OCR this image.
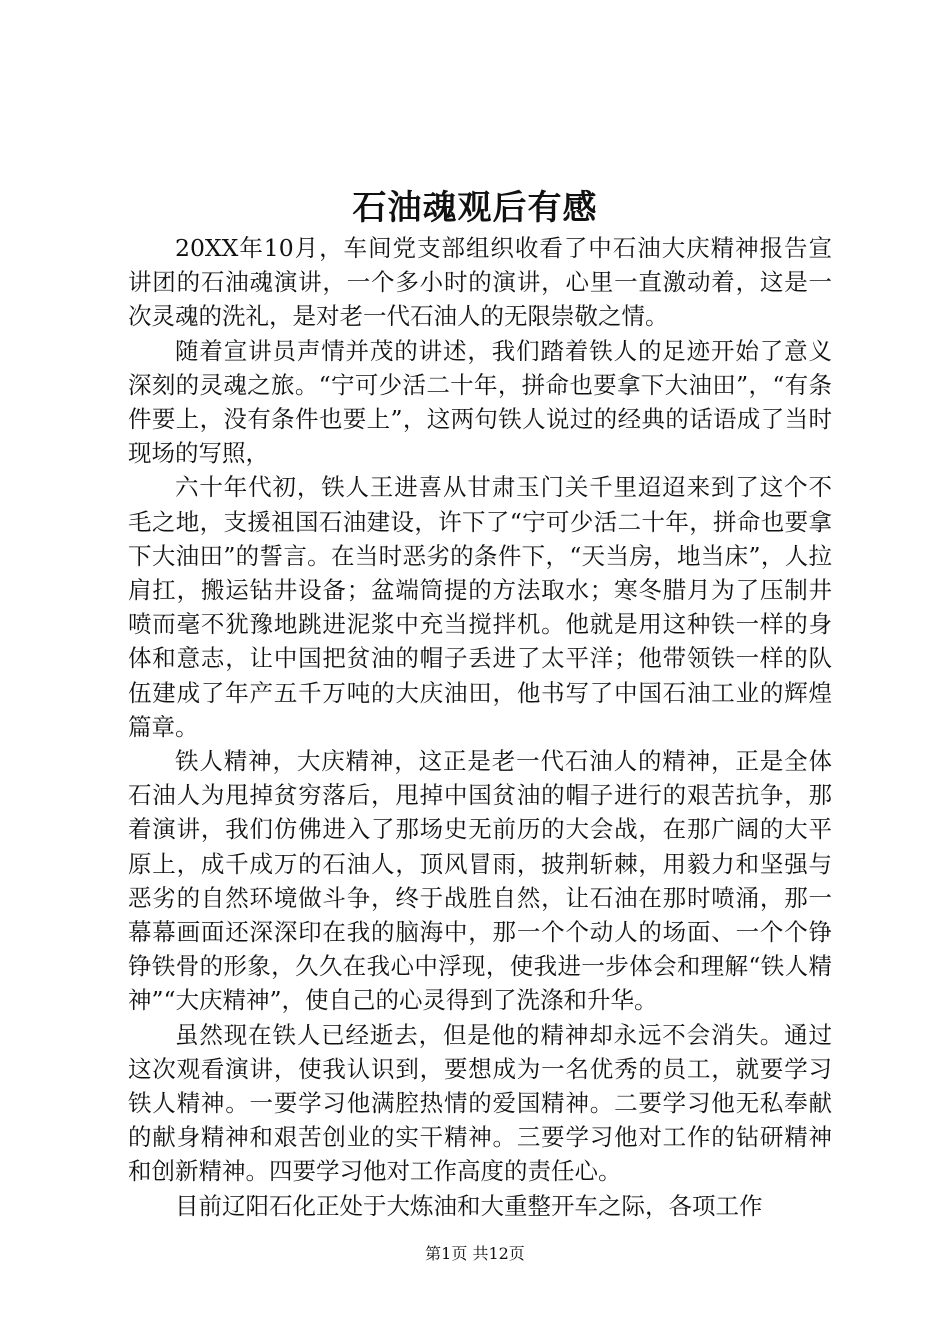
石油魂观后有感

20XX年10月，车间党支部组织收看了中石油大庆精神报告宣讲团的石油魂演讲，一个多小时的演讲，心里一直激动着，这是一次灵魂的洗礼，是对老一代石油人的无限崇敬之情。

随着宣讲员声情并茂的讲述，我们踏着铁人的足迹开始了意义深刻的灵魂之旅。“宁可少活二十年，拼命也要拿下大油田”，“有条件要上，没有条件也要上”，这两句铁人说过的经典的话语成了当时现场的写照，

六十年代初，铁人王进喜从甘肃玉门关千里迢迢来到了这个不毛之地，支援祖国石油建设，许下了“宁可少活二十年，拼命也要拿下大油田”的誓言。在当时恶劣的条件下，“天当房，地当床”，人拉肩扛，搬运钻井设备；盆端筒提的方法取水；寒冬腊月为了压制井喷而毫不犹豫地跳进泥浆中充当搅拌机。他就是用这种铁一样的身体和意志，让中国把贫油的帽子丢进了太平洋；他带领铁一样的队伍建成了年产五千万吨的大庆油田，他书写了中国石油工业的辉煌篇章。

铁人精神，大庆精神，这正是老一代石油人的精神，正是全体石油人为甩掉贫穷落后，甩掉中国贫油的帽子进行的艰苦抗争，那着演讲，我们仿佛进入了那场史无前历的大会战，在那广阔的大平原上，成千成万的石油人，顶风冒雨，披荆斩棘，用毅力和坚强与恶劣的自然环境做斗争，终于战胜自然，让石油在那时喷涌，那一幕幕画面还深深印在我的脑海中，那一个个动人的场面、一个个铮铮铁骨的形象，久久在我心中浮现，使我进一步体会和理解“铁人精神”“大庆精神”，使自己的心灵得到了洗涤和升华。

虽然现在铁人已经逝去，但是他的精神却永远不会消失。通过这次观看演讲，使我认识到，要想成为一名优秀的员工，就要学习铁人精神。一要学习他满腔热情的爱国精神。二要学习他无私奉献的献身精神和艰苦创业的实干精神。三要学习他对工作的钻研精神和创新精神。四要学习他对工作高度的责任心。

目前辽阳石化正处于大炼油和大重整开车之际，各项工作

第1页 共12页
